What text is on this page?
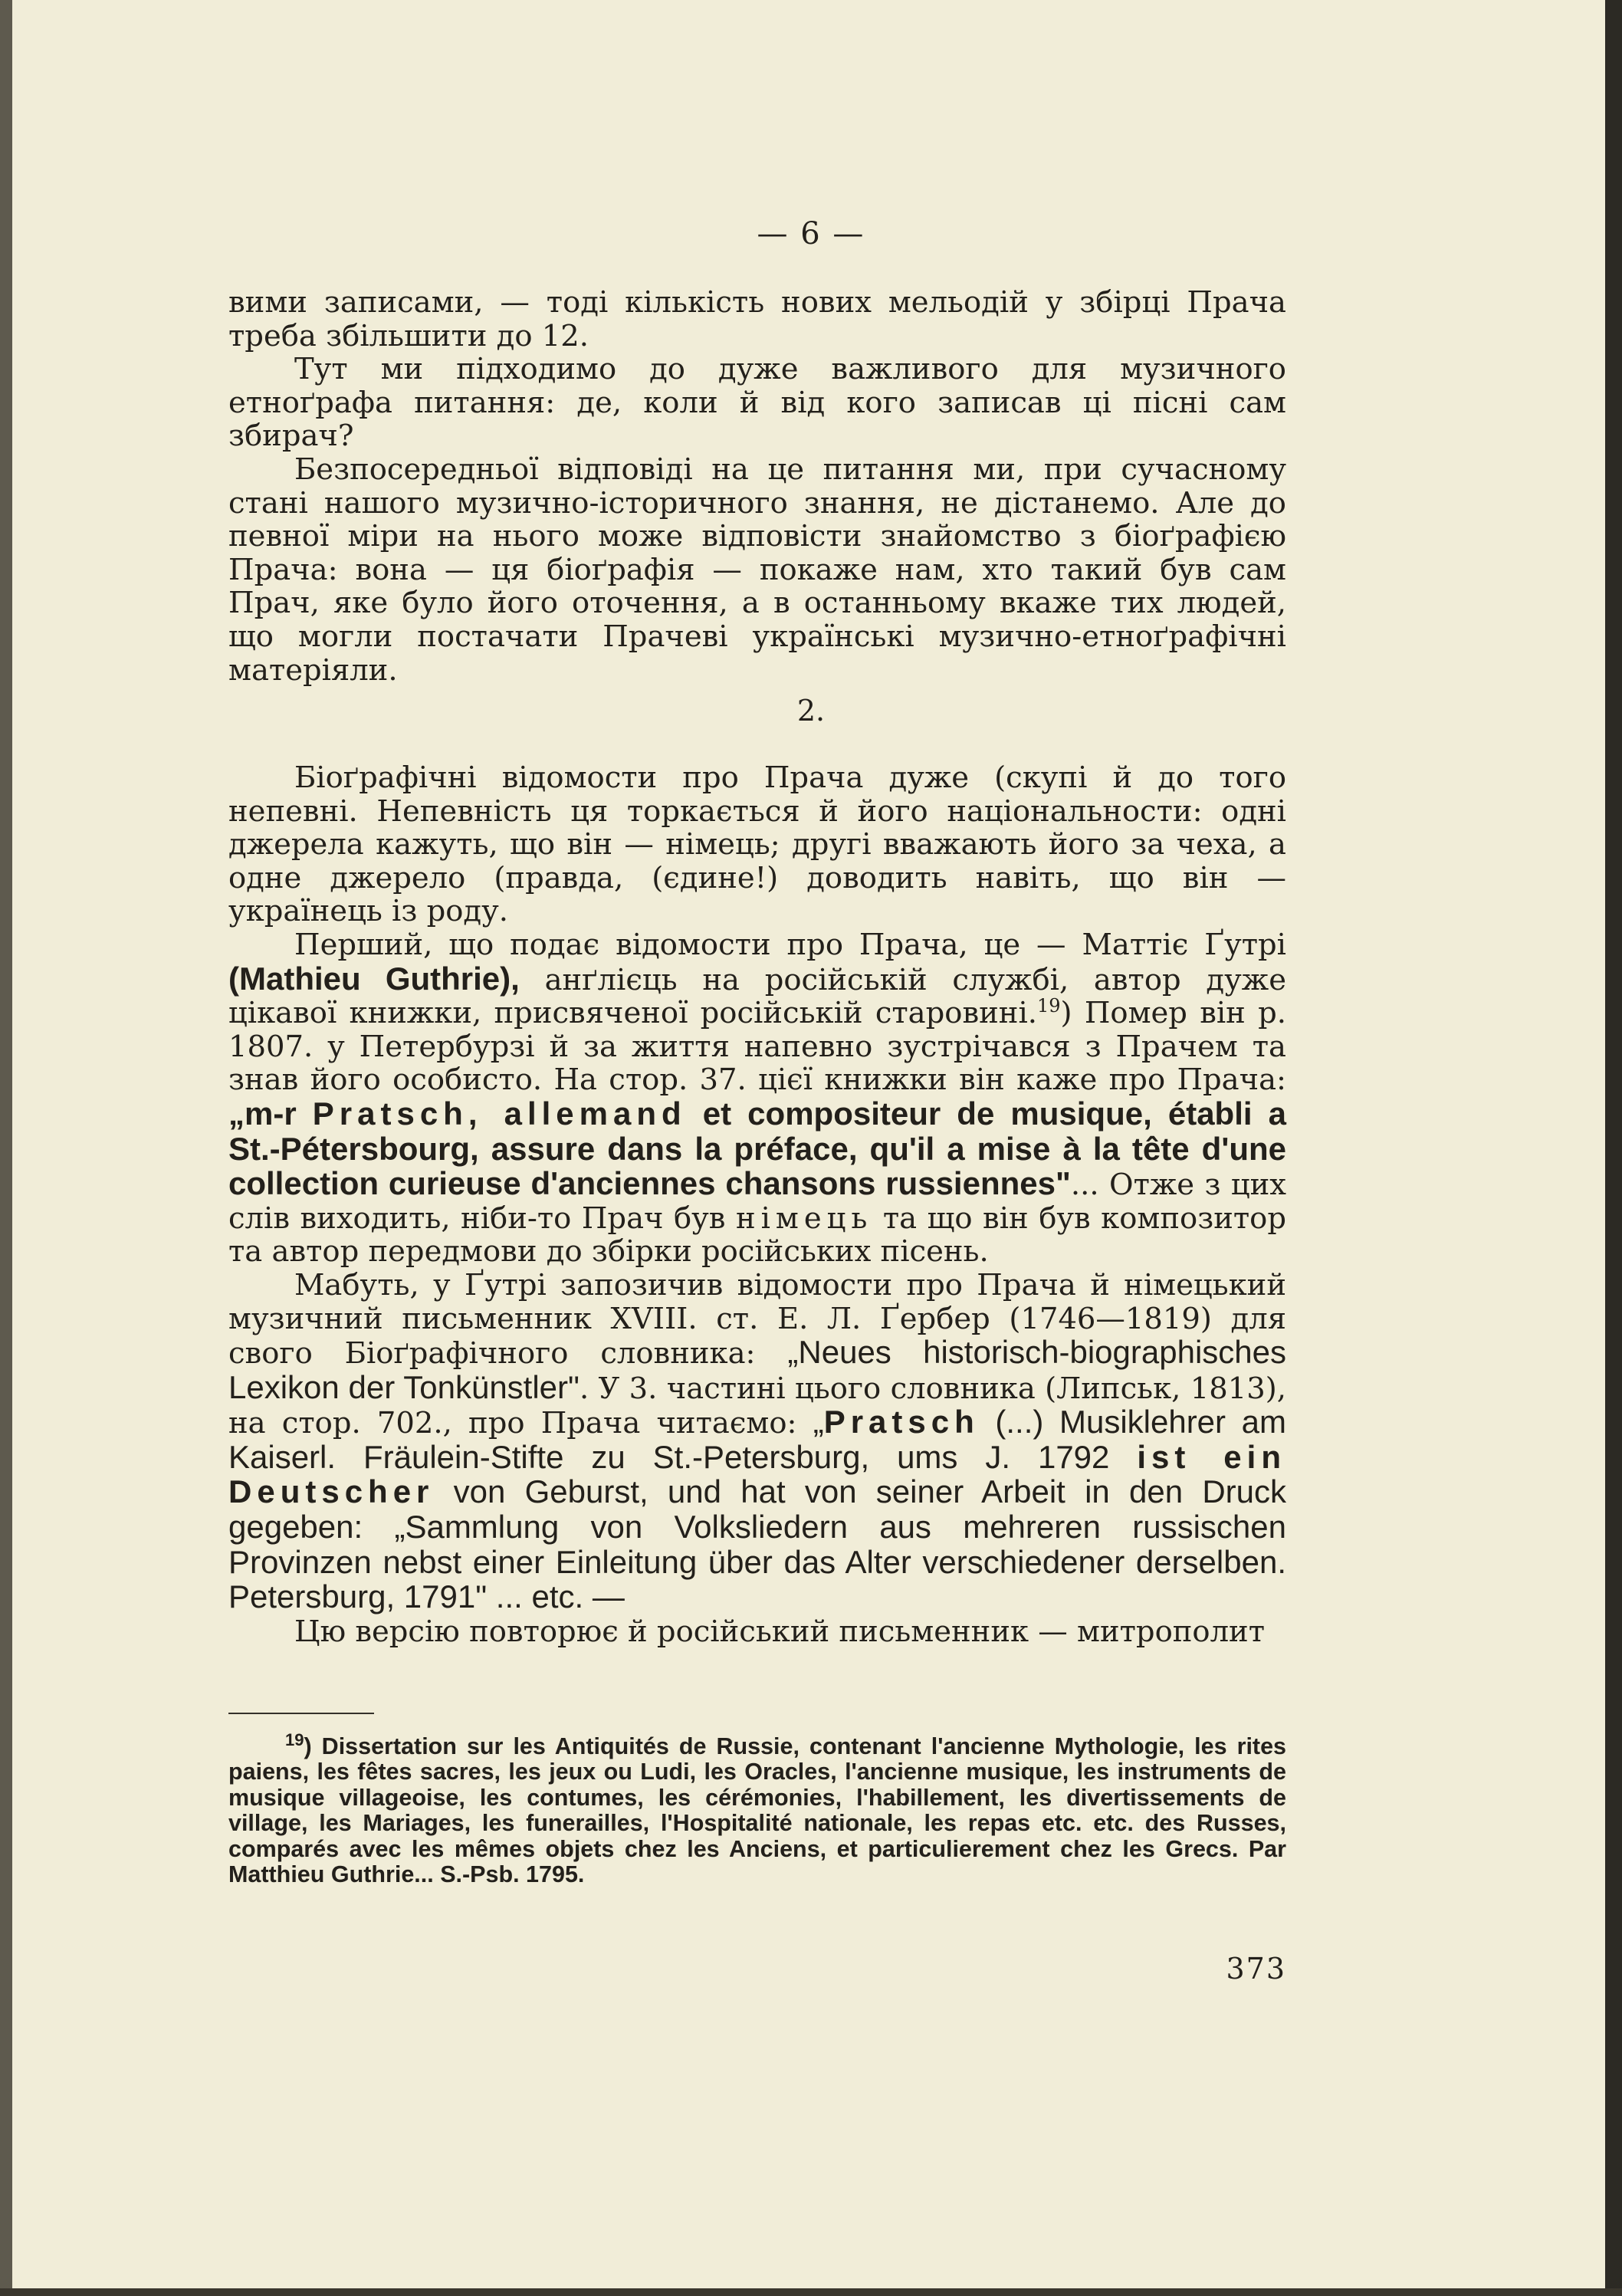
— 6 —

вими записами, — тоді кількість нових мельодій у збірці Прача треба збільшити до 12.

Тут ми підходимо до дуже важливого для музичного етноґрафа питання: де, коли й від кого записав ці пісні сам збирач?

Безпосередньої відповіді на це питання ми, при сучасному стані нашого музично-історичного знання, не дістанемо. Але до певної міри на нього може відповісти знайомство з біоґрафією Прача: вона — ця біоґрафія — покаже нам, хто такий був сам Прач, яке було його оточення, а в останньому вкаже тих людей, що могли постачати Прачеві українські музично-етноґрафічні матеріяли.

2.

Біоґрафічні відомости про Прача дуже (скупі й до того непевні. Непевність ця торкається й його національности: одні джерела кажуть, що він — німець; другі вважають його за чеха, а одне джерело (правда, (єдине!) доводить навіть, що він — українець із роду.

Перший, що подає відомости про Прача, це — Маттіє Ґутрі (Mathieu Guthrie), анґлієць на російській службі, автор дуже цікавої книжки, присвяченої російській старовині.$^{19}$) Помер він р. 1807. у Петербурзі й за життя напевно зустрічався з Прачем та знав його особисто. На стор. 37. цієї книжки він каже про Прача: „m-r Pratsch, allemand et compositeur de musique, établi a St.-Pétersbourg, assure dans la préface, qu'il a mise à la tête d'une collection curieuse d'anciennes chansons russiennes"... Отже з цих слів виходить, ніби-то Прач був німець та що він був композитор та автор передмови до збірки російських пісень.

Мабуть, у Ґутрі запозичив відомости про Прача й німецький музичний письменник XVIII. ст. Е. Л. Ґербер (1746—1819) для свого Біоґрафічного словника: „Neues historisch-biographisches Lexikon der Tonkünstler". У 3. частині цього словника (Липськ, 1813), на стор. 702., про Прача читаємо: „Pratsch (...) Musiklehrer am Kaiserl. Fräulein-Stifte zu St.-Petersburg, ums J. 1792 ist ein Deutscher von Geburst, und hat von seiner Arbeit in den Druck gegeben: „Sammlung von Volksliedern aus mehreren russischen Provinzen nebst einer Einleitung über das Alter verschiedener derselben. Petersburg, 1791" ... etc. —

Цю версію повторює й російський письменник — митрополит

$^{19}$) Dissertation sur les Antiquités de Russie, contenant l'ancienne Mythologie, les rites paiens, les fêtes sacres, les jeux ou Ludi, les Oracles, l'ancienne musique, les instruments de musique villageoise, les contumes, les cérémonies, l'habillement, les divertissements de village, les Mariages, les funerailles, l'Hospitalité nationale, les repas etc. etc. des Russes, comparés avec les mêmes objets chez les Anciens, et particulierement chez les Grecs. Par Matthieu Guthrie... S.-Psb. 1795.
373
